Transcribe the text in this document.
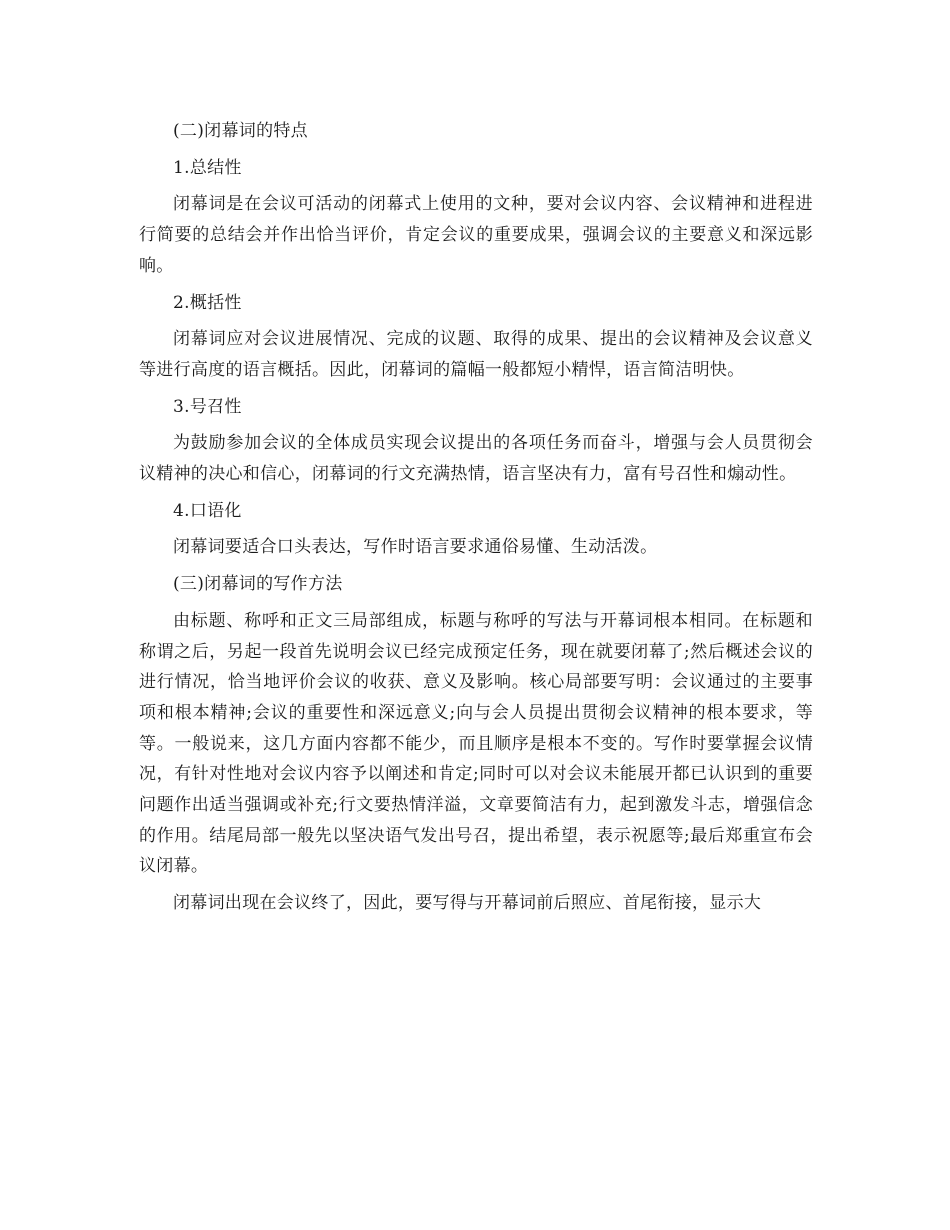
(二)闭幕词的特点

1.总结性

闭幕词是在会议可活动的闭幕式上使用的文种，要对会议内容、会议精神和进程进行简要的总结会并作出恰当评价，肯定会议的重要成果，强调会议的主要意义和深远影响。

2.概括性

闭幕词应对会议进展情况、完成的议题、取得的成果、提出的会议精神及会议意义等进行高度的语言概括。因此，闭幕词的篇幅一般都短小精悍，语言简洁明快。

3.号召性

为鼓励参加会议的全体成员实现会议提出的各项任务而奋斗，增强与会人员贯彻会议精神的决心和信心，闭幕词的行文充满热情，语言坚决有力，富有号召性和煽动性。

4.口语化

闭幕词要适合口头表达，写作时语言要求通俗易懂、生动活泼。

(三)闭幕词的写作方法

由标题、称呼和正文三局部组成，标题与称呼的写法与开幕词根本相同。在标题和称谓之后，另起一段首先说明会议已经完成预定任务，现在就要闭幕了;然后概述会议的进行情况，恰当地评价会议的收获、意义及影响。核心局部要写明：会议通过的主要事项和根本精神;会议的重要性和深远意义;向与会人员提出贯彻会议精神的根本要求，等等。一般说来，这几方面内容都不能少，而且顺序是根本不变的。写作时要掌握会议情况，有针对性地对会议内容予以阐述和肯定;同时可以对会议未能展开都已认识到的重要问题作出适当强调或补充;行文要热情洋溢，文章要简洁有力，起到激发斗志，增强信念的作用。结尾局部一般先以坚决语气发出号召，提出希望，表示祝愿等;最后郑重宣布会议闭幕。

闭幕词出现在会议终了，因此，要写得与开幕词前后照应、首尾衔接，显示大
